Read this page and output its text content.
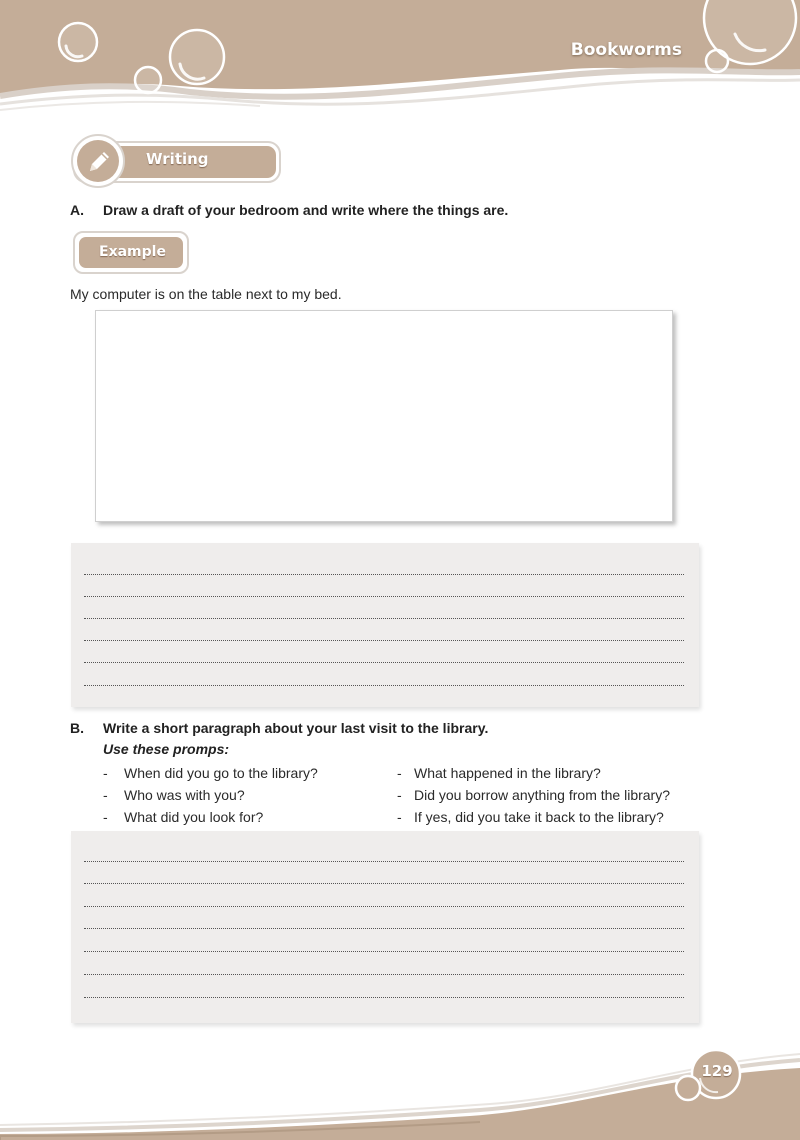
Bookworms
Writing
A. Draw a draft of your bedroom and write where the things are.
Example
My computer is on the table next to my bed.
B. Write a short paragraph about your last visit to the library.
Use these promps:
- When did you go to the library?
- Who was with you?
- What did you look for?
- What happened in the library?
- Did you borrow anything from the library?
- If yes, did you take it back to the library?
129
